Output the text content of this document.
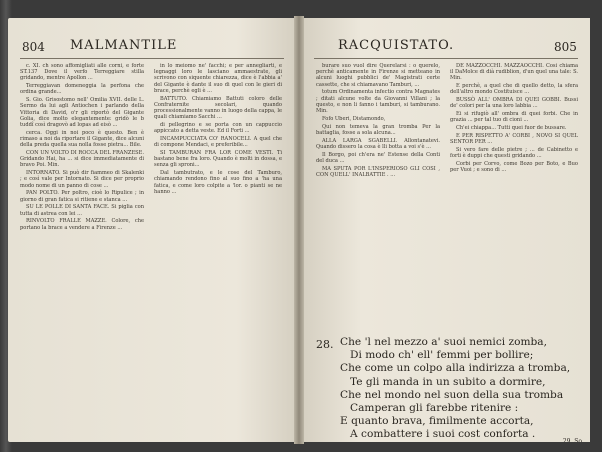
804 MALMANTILE

c. XI. ch sono affomigliati alle corni, e forte ST.137 Dove il verfo Terreggiare stilla gridando, mentre Apollon ...

Terreggiavan domeneggia la perfona che ordina grande...

S. Gio. Grisostomo nell' Omilia XVII. delle L. Sermo da lui agli Antiochen i parlando della Vittoria di David, o'r gli riportò del Gigante Golia, dice molto elegantemente: gridò le b tuddî così dragovò ad lopas ad eisò ...

cerca. Oggi in noi poco è questo. Ben è rimaso a noi da riportare il Gigante, dice alcuni della preda quella sua nolla fosse pietra... Bile.

CON UN VOLTO DI ROCCA DEL FRANZESE. Gridando Hai, ha ... si dice immediatamente di bravo Poi. Min.

INTORNATO. Si può dir fiammeo di Skalenki ; e così vale per Intornato. Si dice per proprio modo nome di un panno di cose ...

PAN POLTO. Per poltro, cioè lo Ripulice ; in giorno di gran fatica si ritiene e stanca ...

SU LE POLLE DI SANTA FACE. Si piglia con tutta di astrea con lei ...

RINVOLTO FRALLE MAZZE. Colore, che portano la brace a vendere a Firenze ...

in lo meiomo ne' facchi; e per annegliarti, e legnaggi loro le lasciano ammaestrate, gli scrivono con siquente chiarezza, dice è l'abbia a' del Gigante è dante il suo di quel con le gieri di brace, perchè egli è ...

BATTUTO. Chiamiamo Battuti coloro delle Confraternite secolari, quando processionalmente vanno in luogo della cappa, le quali chiamiamo Sacchi ...

di pellegrino e se porta con un cappuccio appiccato a detta veste. Ed il Forti ...

INCAMPUCCIATA CO' RANOCELI. A quel che di compone Mendaci, e preferibile...

SI TAMBURAN FRA LOR COME VESTI. Ti bastano bene fra loro. Quando è molti in dossa, e senza gli sproni...

Dal tambutrato, e le cose del Tamburo, chiamando rendono fino al suo fino a 'ha una fatica, e come loro colpite a 'lor. o pianti se ne hanno ...

RACQUISTATO.	805

burare suo vuol dire Querelarsi : o querelo, perchè anticamente in Firenze si metteano in alcuni luoghi pubblici de' Magistrati certe cassette, che si chiamavano Tamburi, ...

totum Ordinamenta infectio contra Magnates ; ditati alcune volte da Giovanni Villani ; la questo, e non li fanno i tamburi, si tamburano. Min.

Fofo Uberi, Distamondo,

Qui non temeva la gran tromba Per la battaglia, fosse a sola alcuna...

ALLA LARGA SGABELLI. Allontanatevi. Quando dissero la cosa è lli botta a voi s'è ...

Il Borgo, poi ch'era ne' Estense della Conti del duca ...

MA SPUTA POR L'INSPERIOSO GLI COSI , CON QUELL' INALBATTIE . ...

DE MAZZOCCHI. MAZZAOCCHI. Cosi chiama il DaMolce di dià rudiblion, d'un quel una tale: S. Min.

E perchè, a quel che di quello detto, la sfera dell'altro mondo Costituisce ...

BUSSÒ ALL' OMBRA DI QUEI GOBBI. Bussi de' colori per la una loro labbia ...

Ei si rifugiò all' ombra di quei forbi. Che in grazia ... per tal tuo di cioni ...

Ch'ei chiappa... Tutti quei fuor de bussare.

E PER RISPETTO A' CORBI , NOVO SI QUEL SENTOR PER ...

Si vero fare delle pietre ; ... de Cabinetto e forti è duppi che questi gridando ...

Corbi per Corvo, come Bozo per Boto, e Buo per Vuoi ; e sono di ...

28. Che 'l nel mezzo a' suoi nemici zomba,
Di modo ch' ell' femmi per bollire;
Che come un colpo alla indirizza a tromba,
Te gli manda in un subito a dormire,
Che nel mondo nel suon della sua tromba
Camperan gli farebbe ritenire :
E quanto brava, fimilmente accorta,
A combattere i suoi cost conforta .
29. So
